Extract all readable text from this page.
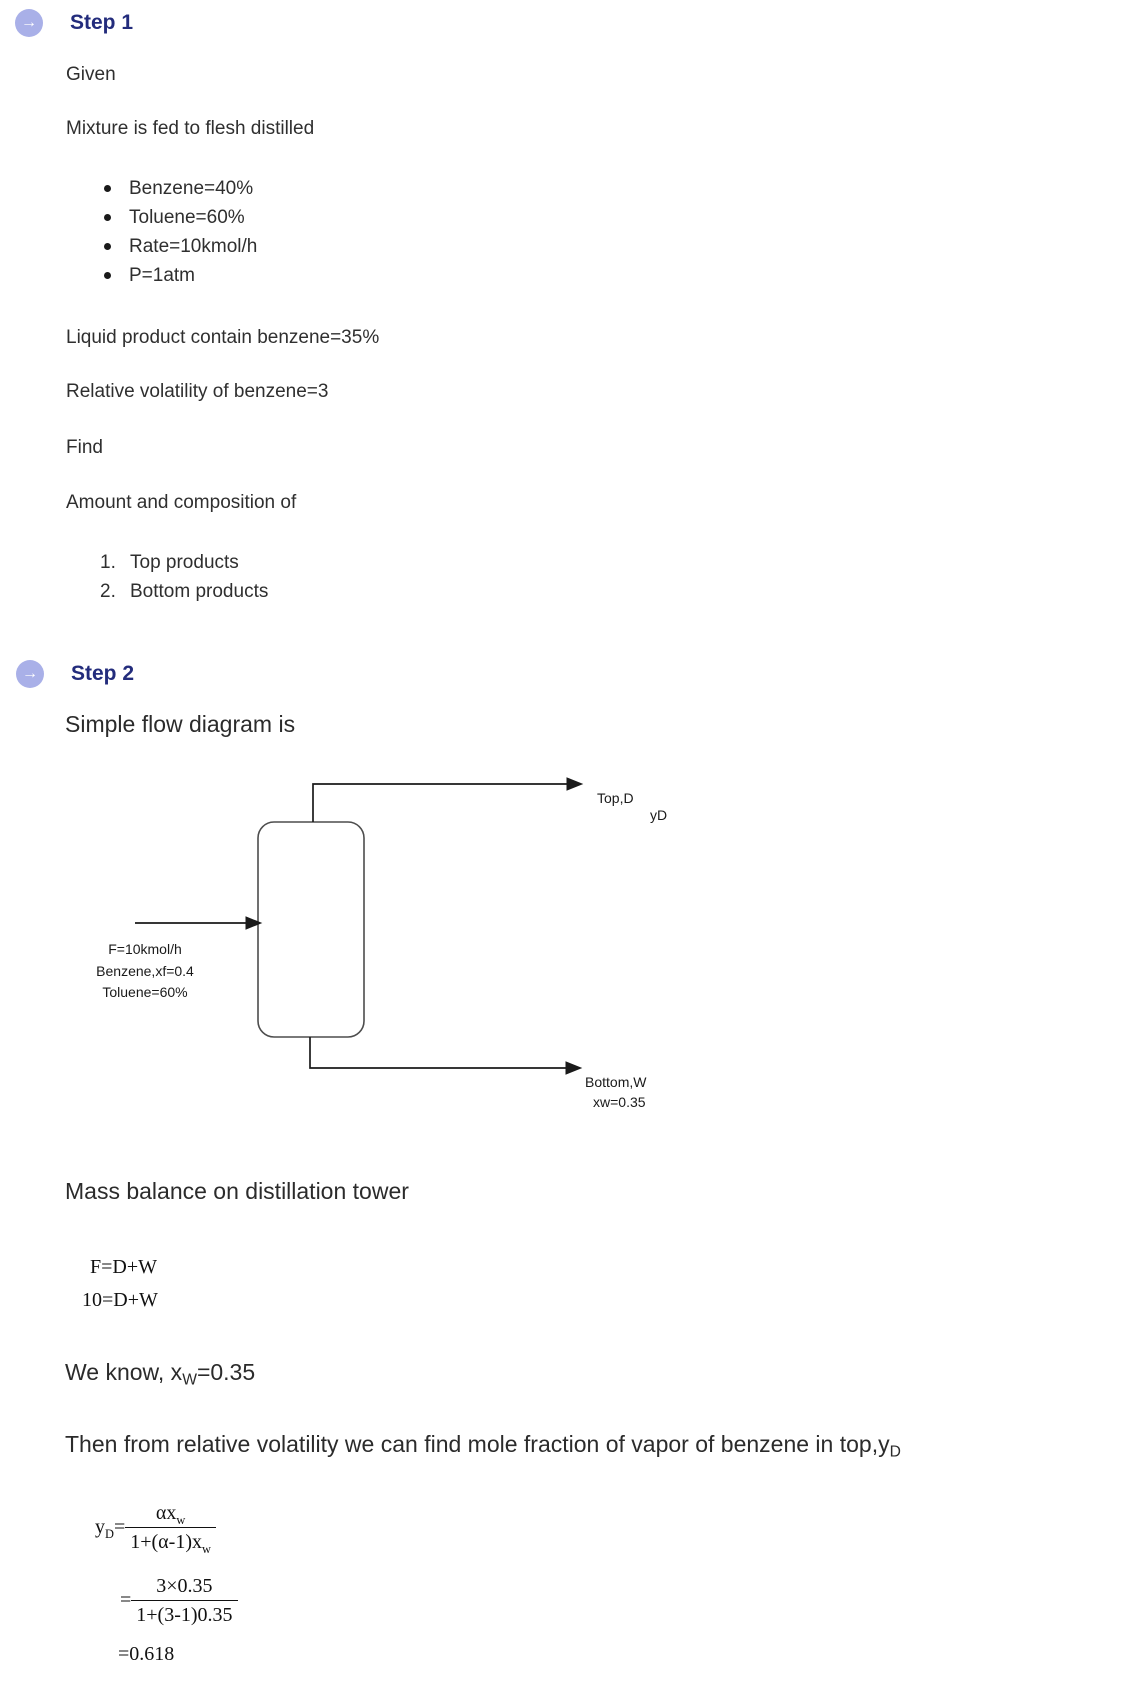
→ Step 1
Given
Mixture is fed to flesh distilled
Benzene=40%
Toluene=60%
Rate=10kmol/h
P=1atm
Liquid product contain benzene=35%
Relative volatility of benzene=3
Find
Amount and composition of
1. Top products
2. Bottom products
→ Step 2
Simple flow diagram is
Top,D
yD
F=10kmol/h
Benzene,xf=0.4
Toluene=60%
Bottom,W
xw=0.35
Mass balance on distillation tower
F=D+W
10=D+W
We know, $x_W=0.35$
Then from relative volatility we can find mole fraction of vapor of benzene in $top,y_D$
$y_D= \frac{\alpha x_w}{1+(\alpha-1)x_w}$
= $\frac{3\times 0.35}{1+(3-1)0.35}$
=0.618
